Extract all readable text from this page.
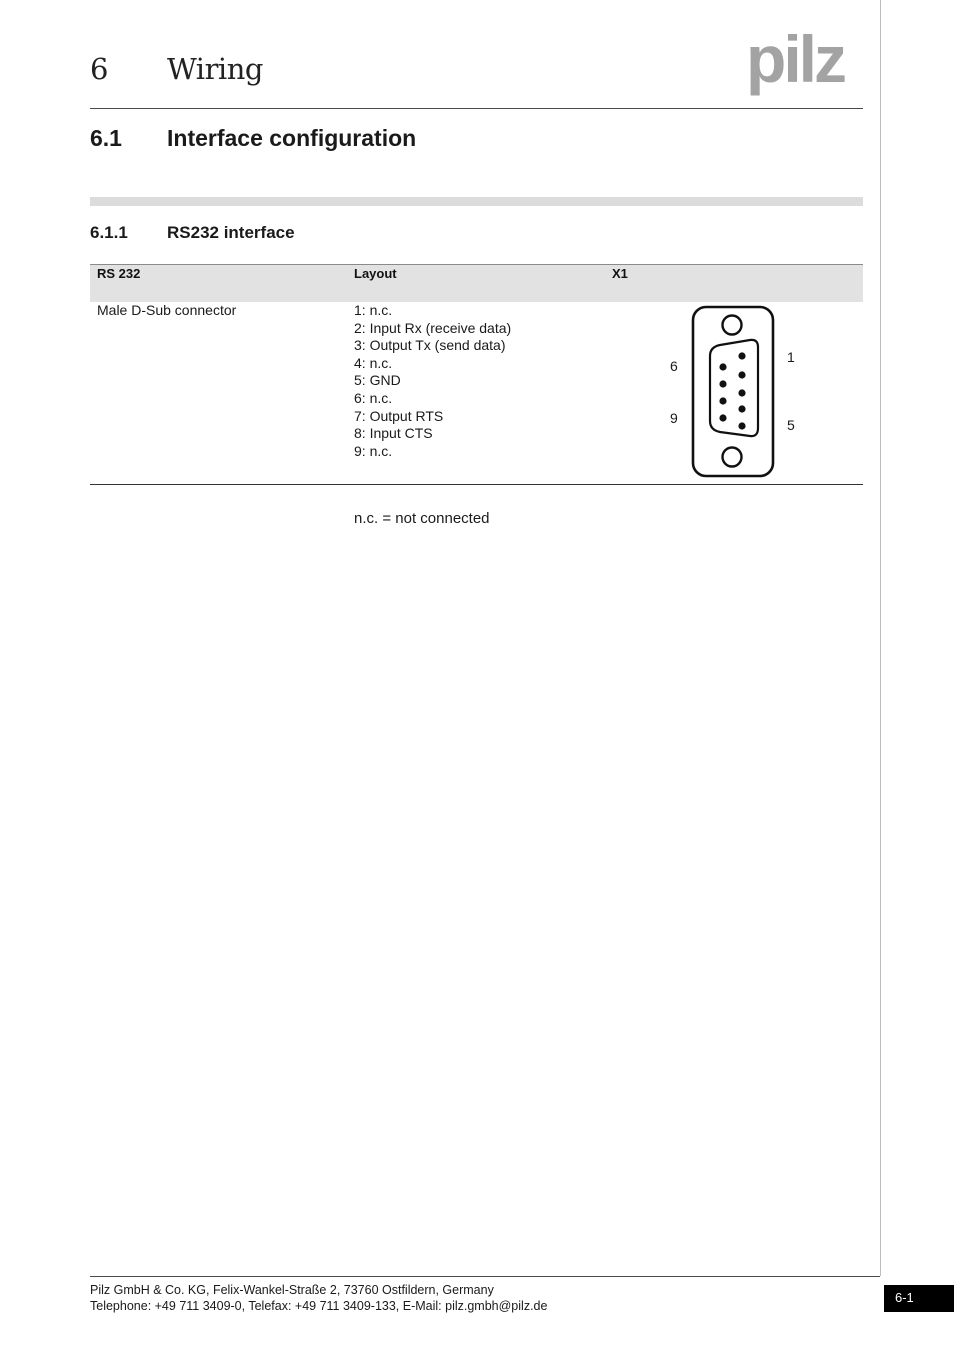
6 Wiring	pilz
6.1 Interface configuration
6.1.1 RS232 interface
RS 232	Layout	X1
Male D-Sub connector	1: n.c.
2: Input Rx (receive data)
3: Output Tx (send data)
4: n.c.
5: GND
6: n.c.
7: Output RTS
8: Input CTS
9: n.c.
1
5
6
9
n.c. = not connected
Pilz GmbH & Co. KG, Felix-Wankel-Straße 2, 73760 Ostfildern, Germany
Telephone: +49 711 3409-0, Telefax: +49 711 3409-133, E-Mail: pilz.gmbh@pilz.de
6-1
